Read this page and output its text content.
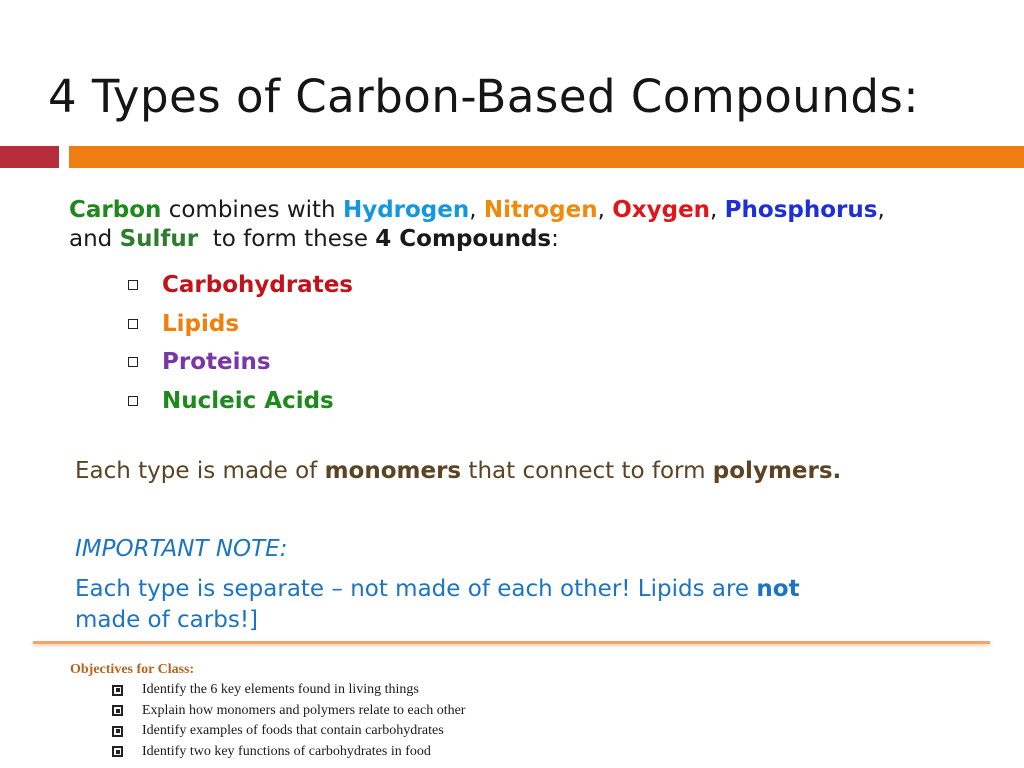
4 Types of Carbon-Based Compounds:
Carbon combines with Hydrogen, Nitrogen, Oxygen, Phosphorus,
and Sulfur  to form these 4 Compounds:
Carbohydrates
Lipids
Proteins
Nucleic Acids
Each type is made of monomers that connect to form polymers.
IMPORTANT NOTE:
Each type is separate – not made of each other! Lipids are not
made of carbs!]
Objectives for Class:
Identify the 6 key elements found in living things
Explain how monomers and polymers relate to each other
Identify examples of foods that contain carbohydrates
Identify two key functions of carbohydrates in food
